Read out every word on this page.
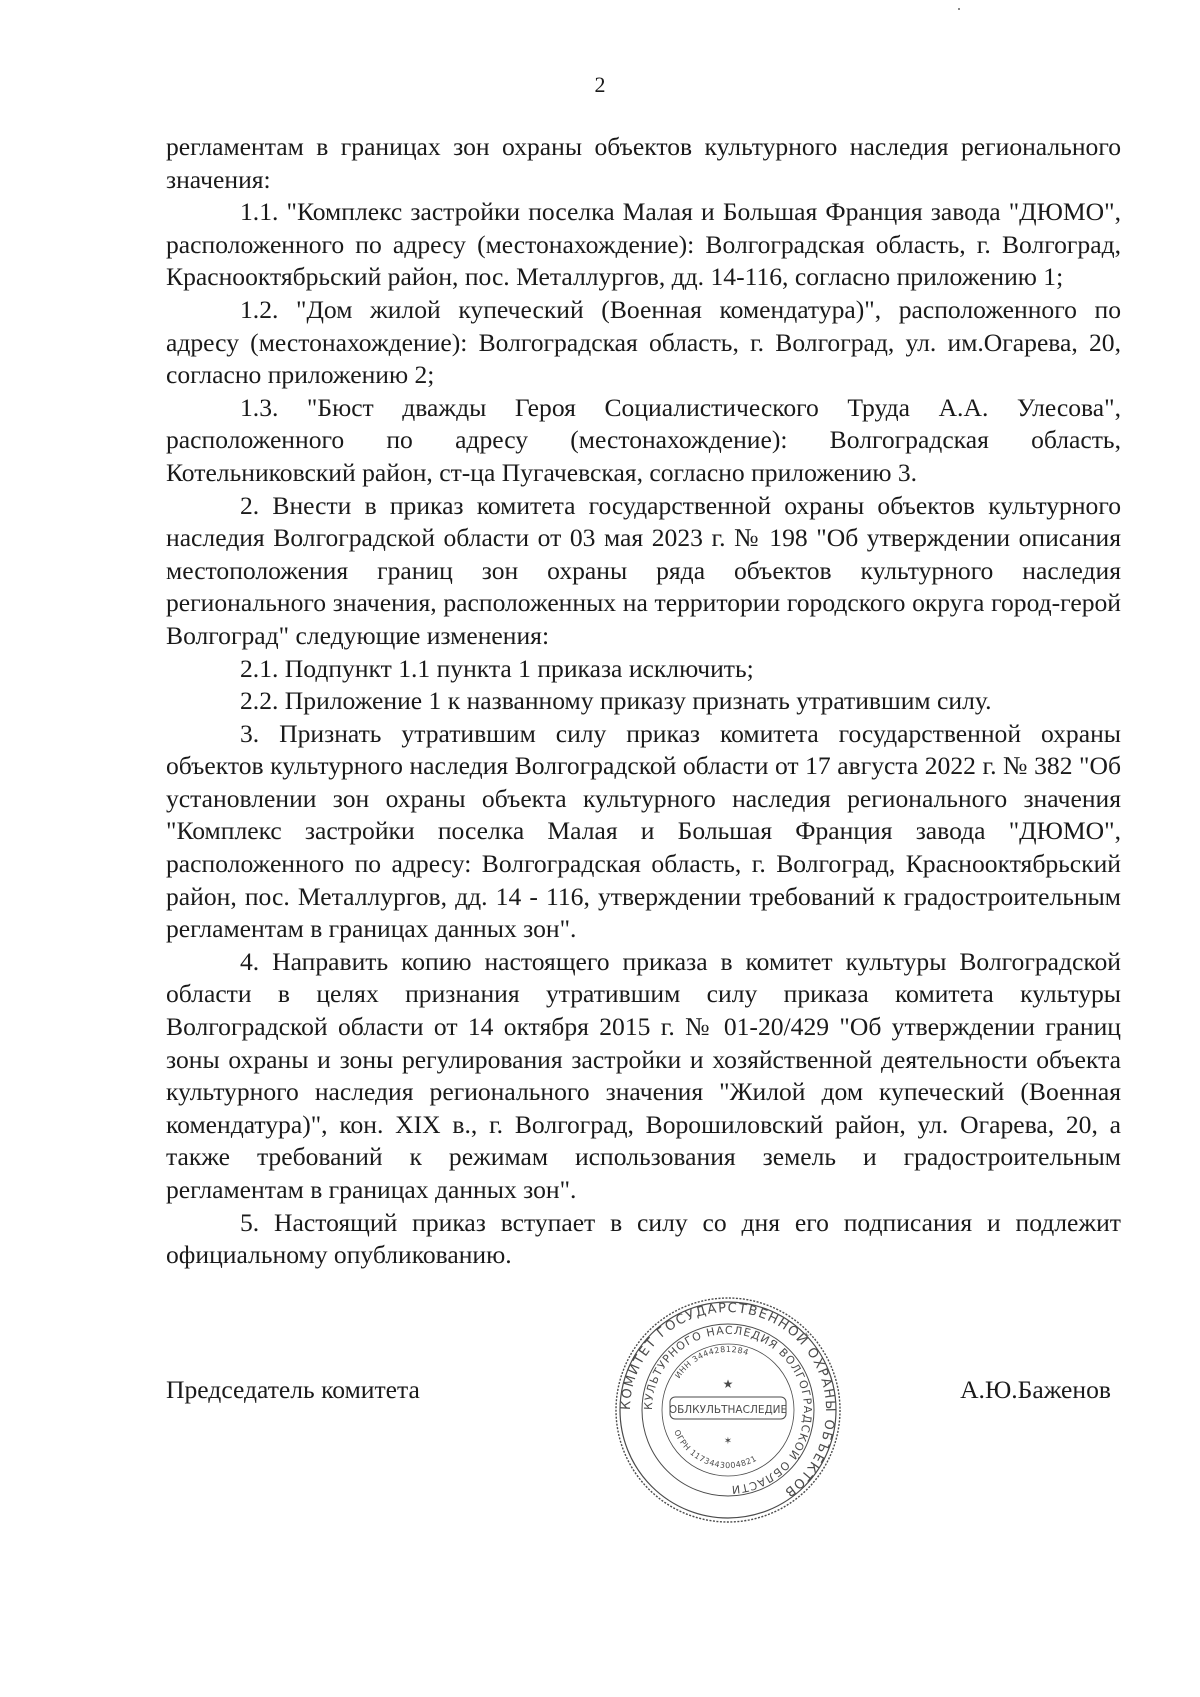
2

регламентам в границах зон охраны объектов культурного наследия регионального значения:

1.1. "Комплекс застройки поселка Малая и Большая Франция завода "ДЮМО", расположенного по адресу (местонахождение): Волгоградская область, г. Волгоград, Краснооктябрьский район, пос. Металлургов, дд. 14-116, согласно приложению 1;

1.2. "Дом жилой купеческий (Военная комендатура)", расположенного по адресу (местонахождение): Волгоградская область, г. Волгоград, ул. им.Огарева, 20, согласно приложению 2;

1.3. "Бюст дважды Героя Социалистического Труда А.А. Улесова", расположенного по адресу (местонахождение): Волгоградская область, Котельниковский район, ст-ца Пугачевская, согласно приложению 3.

2. Внести в приказ комитета государственной охраны объектов культурного наследия Волгоградской области от 03 мая 2023 г. № 198 "Об утверждении описания местоположения границ зон охраны ряда объектов культурного наследия регионального значения, расположенных на территории городского округа город-герой Волгоград" следующие изменения:

2.1. Подпункт 1.1 пункта 1 приказа исключить;

2.2. Приложение 1 к названному приказу признать утратившим силу.

3. Признать утратившим силу приказ комитета государственной охраны объектов культурного наследия Волгоградской области от 17 августа 2022 г. № 382 "Об установлении зон охраны объекта культурного наследия регионального значения "Комплекс застройки поселка Малая и Большая Франция завода "ДЮМО", расположенного по адресу: Волгоградская область, г. Волгоград, Краснооктябрьский район, пос. Металлургов, дд. 14 - 116, утверждении требований к градостроительным регламентам в границах данных зон".

4. Направить копию настоящего приказа в комитет культуры Волгоградской области в целях признания утратившим силу приказа комитета культуры Волгоградской области от 14 октября 2015 г. № 01-20/429 "Об утверждении границ зоны охраны и зоны регулирования застройки и хозяйственной деятельности объекта культурного наследия регионального значения "Жилой дом купеческий (Военная комендатура)", кон. XIX в., г. Волгоград, Ворошиловский район, ул. Огарева, 20, а также требований к режимам использования земель и градостроительным регламентам в границах данных зон".

5. Настоящий приказ вступает в силу со дня его подписания и подлежит официальному опубликованию.

КОМИТЕТ ГОСУДАРСТВЕННОЙ ОХРАНЫ ОБЪЕКТОВ
КУЛЬТУРНОГО НАСЛЕДИЯ ВОЛГОГРАДСКОЙ ОБЛАСТИ
ИНН 3444281284
ОГРН 1173443004821
ОБЛКУЛЬТНАСЛЕДИЕ
★
✶
Председатель комитета	А.Ю.Баженов
